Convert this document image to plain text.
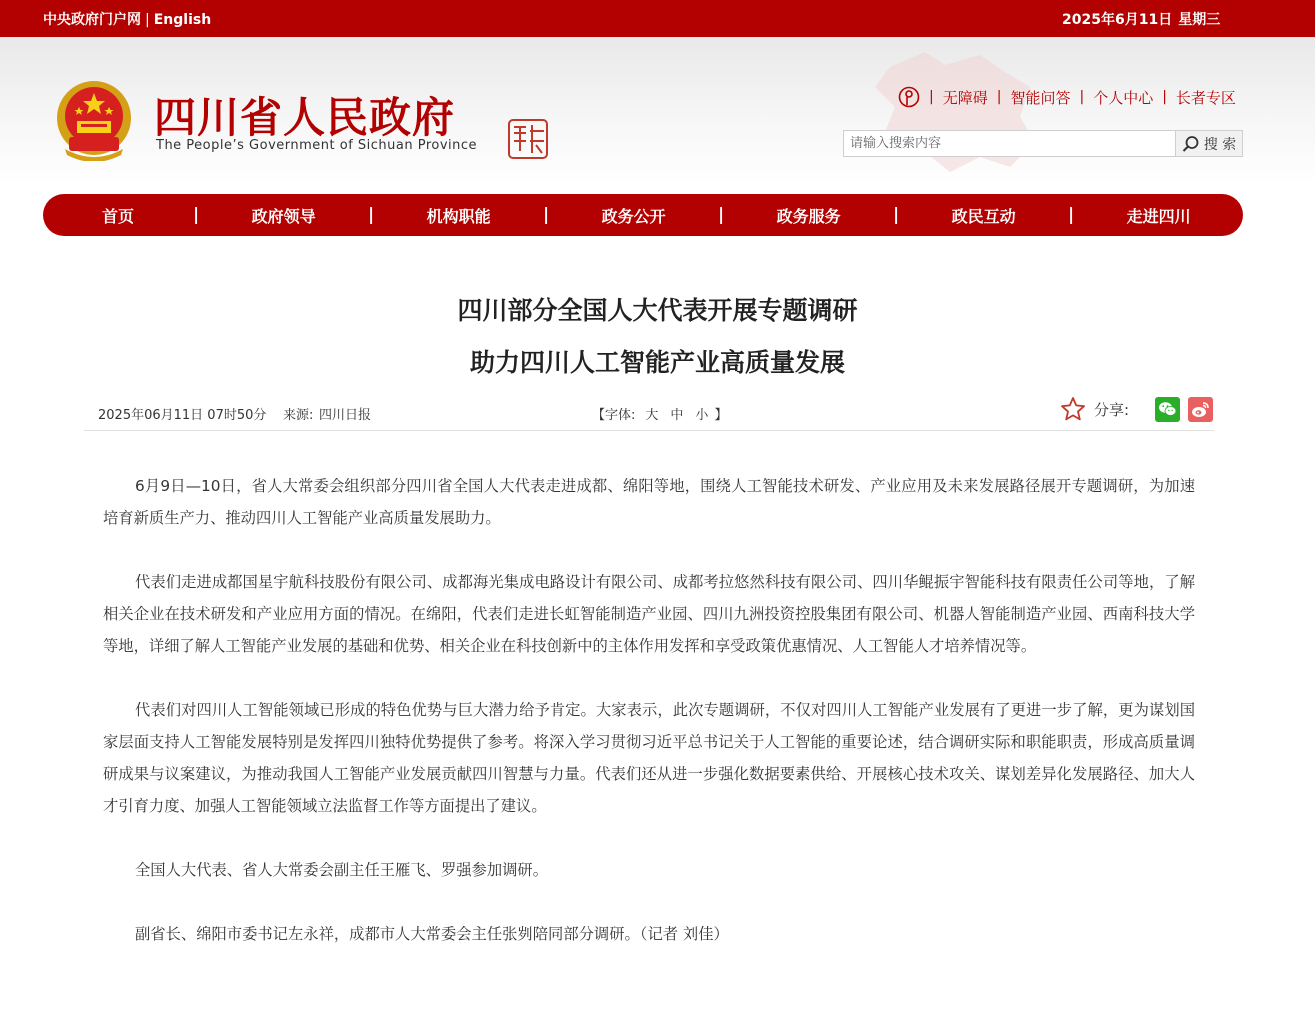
中央政府门户网 | English	2025年6月11日 星期三
四川省人民政府
The People’s Government of Sichuan Province
| 无障碍 | 智能问答 | 个人中心 | 长者专区
请输入搜索内容
搜 索
首页	|	政府领导	|	机构职能	|	政务公开	|	政务服务	|	政民互动	|	走进四川
四川部分全国人大代表开展专题调研
助力四川人工智能产业高质量发展
2025年06月11日 07时50分 来源: 四川日报	【字体: 大 中 小 】	分享:

6月9日—10日，省人大常委会组织部分四川省全国人大代表走进成都、绵阳等地，围绕人工智能技术研发、产业应用及未来发展路径展开专题调研，为加速培育新质生产力、推动四川人工智能产业高质量发展助力。

代表们走进成都国星宇航科技股份有限公司、成都海光集成电路设计有限公司、成都考拉悠然科技有限公司、四川华鲲振宇智能科技有限责任公司等地，了解相关企业在技术研发和产业应用方面的情况。在绵阳，代表们走进长虹智能制造产业园、四川九洲投资控股集团有限公司、机器人智能制造产业园、西南科技大学等地，详细了解人工智能产业发展的基础和优势、相关企业在科技创新中的主体作用发挥和享受政策优惠情况、人工智能人才培养情况等。

代表们对四川人工智能领域已形成的特色优势与巨大潜力给予肯定。大家表示，此次专题调研，不仅对四川人工智能产业发展有了更进一步了解，更为谋划国家层面支持人工智能发展特别是发挥四川独特优势提供了参考。将深入学习贯彻习近平总书记关于人工智能的重要论述，结合调研实际和职能职责，形成高质量调研成果与议案建议，为推动我国人工智能产业发展贡献四川智慧与力量。代表们还从进一步强化数据要素供给、开展核心技术攻关、谋划差异化发展路径、加大人才引育力度、加强人工智能领域立法监督工作等方面提出了建议。

全国人大代表、省人大常委会副主任王雁飞、罗强参加调研。

副省长、绵阳市委书记左永祥，成都市人大常委会主任张刿陪同部分调研。（记者 刘佳）
